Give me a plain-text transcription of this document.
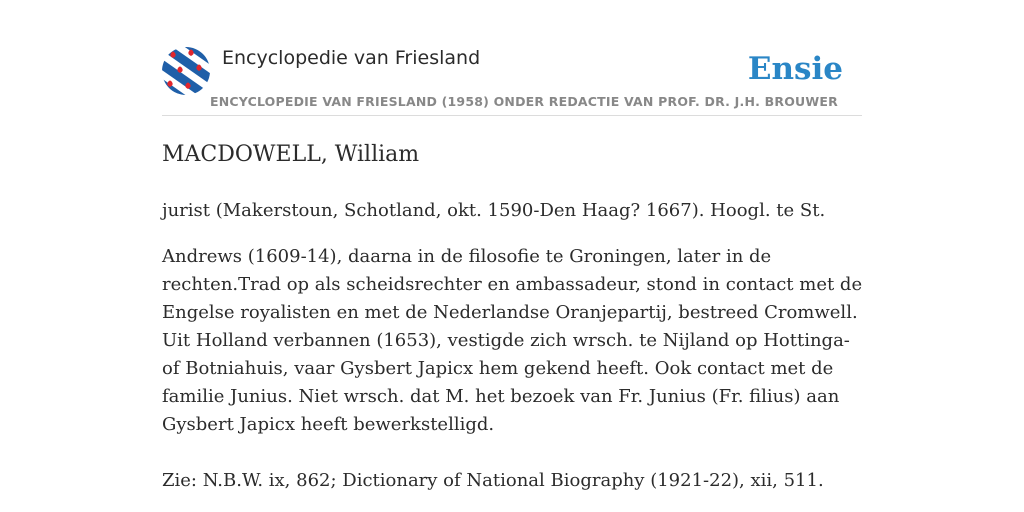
Encyclopedie van Friesland
ENCYCLOPEDIE VAN FRIESLAND (1958) ONDER REDACTIE VAN PROF. DR. J.H. BROUWER
Ensie
MACDOWELL, William

jurist (Makerstoun, Schotland, okt. 1590-Den Haag? 1667). Hoogl. te St.

Andrews (1609-14), daarna in de filosofie te Groningen, later in de rechten.Trad op als scheidsrechter en ambassadeur, stond in contact met de Engelse royalisten en met de Nederlandse Oranjepartij, bestreed Cromwell. Uit Holland verbannen (1653), vestigde zich wrsch. te Nijland op Hottinga- of Botniahuis, vaar Gysbert Japicx hem gekend heeft. Ook contact met de familie Junius. Niet wrsch. dat M. het bezoek van Fr. Junius (Fr. filius) aan Gysbert Japicx heeft bewerkstelligd.

Zie: N.B.W. ix, 862; Dictionary of National Biography (1921-22), xii, 511.
